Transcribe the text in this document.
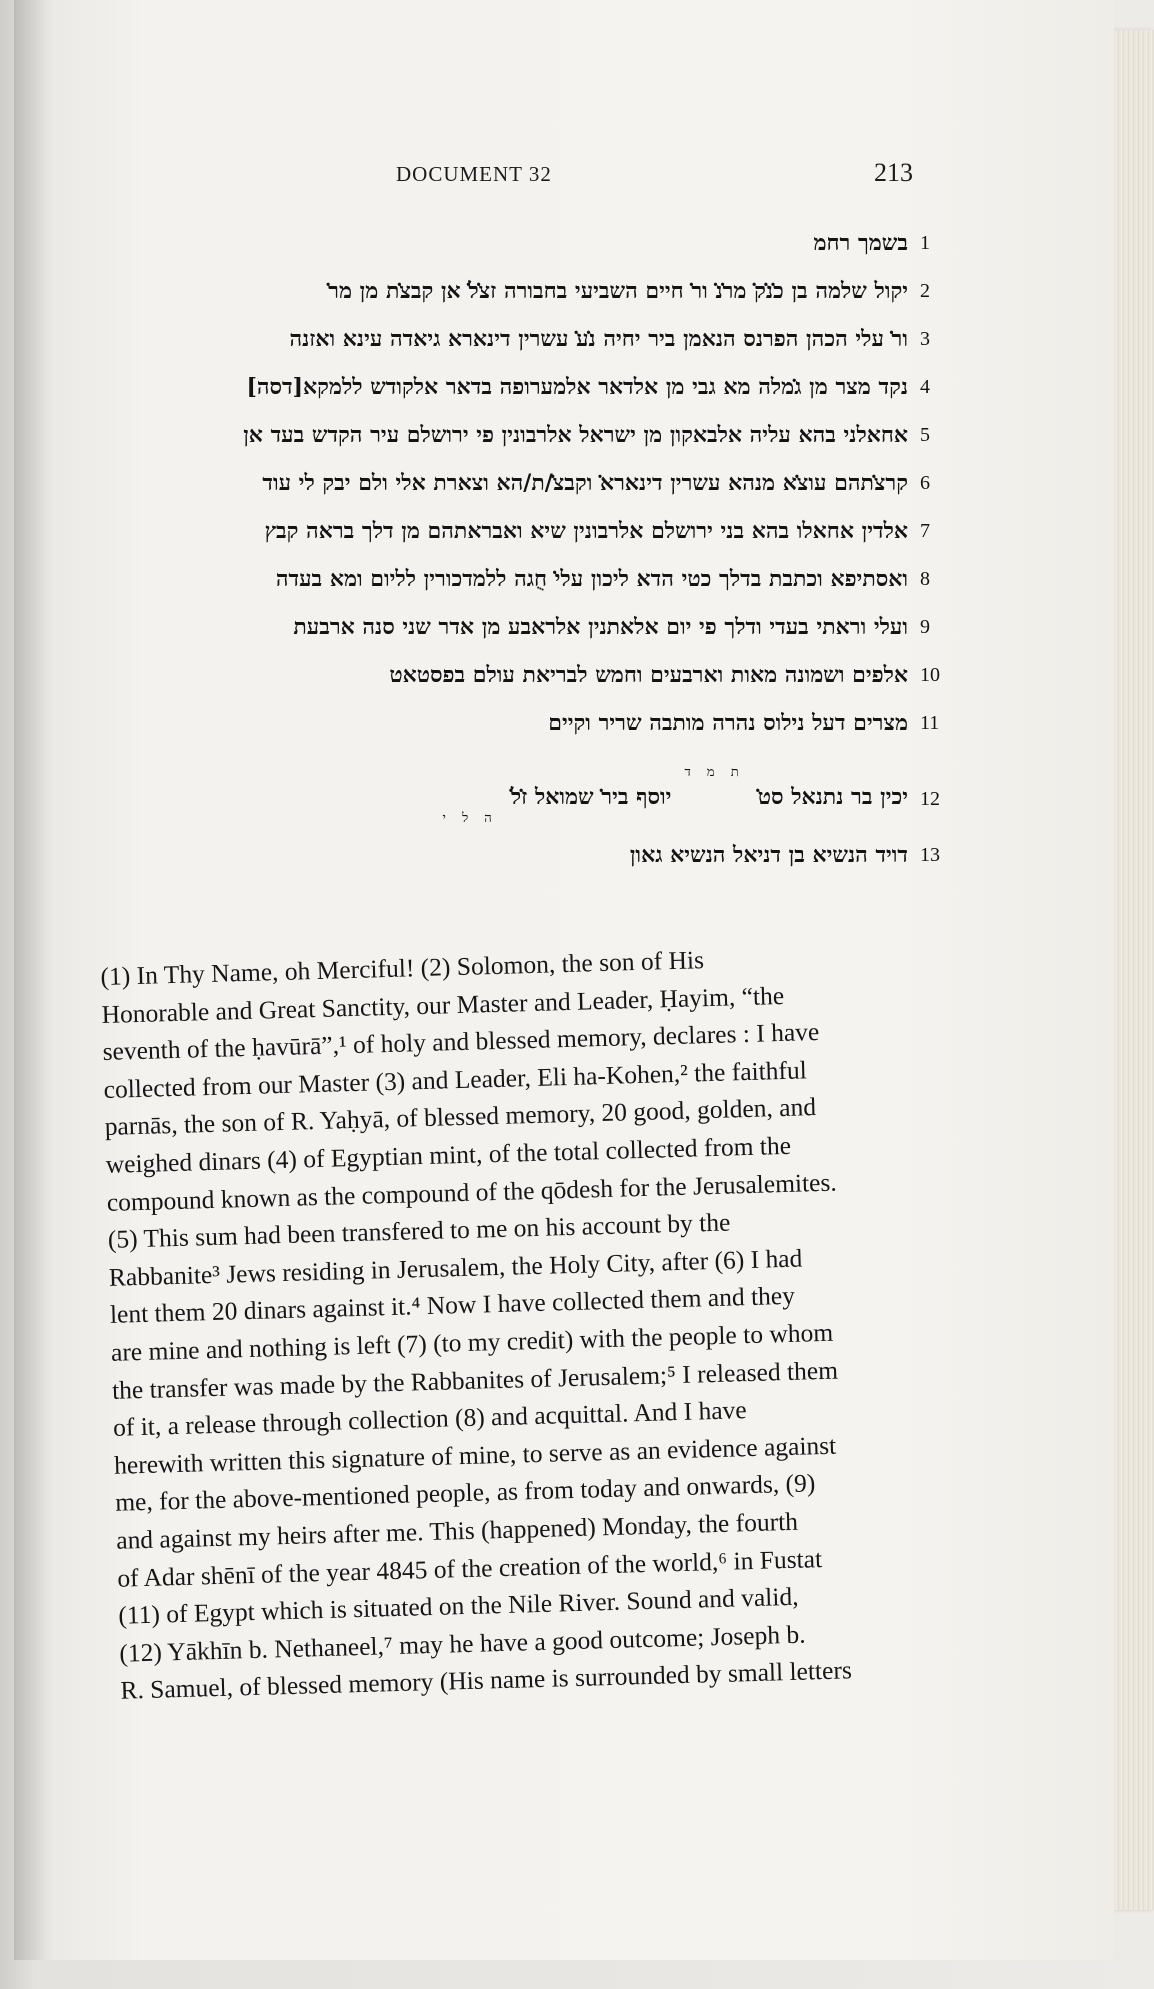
DOCUMENT 32	213
1
בשמך רחמ
2
יקול שלמה בן כ̇נ̇ק̇ מר̇נ̇ ור̇ חיים השביעי בחבורה זצ̇ל̇ אן קבצ̇ת מן מר̇
3
ור̇ עלי הכהן הפרנס הנאמן ביר יחיה נ̇ע̇ עשרין דינארא גיאדה עינא ואזנה
4
נקד מצר מן ג̇מלה מא גבי מן אלדאר אלמערופה בדאר אלקודש ללמקא[דסה]
5
אחאלני בהא עליה אלבאקון מן ישראל אלרבונין פי ירושלם עיר הקדש בעד אן
6
קרצ̇תהם עוצ̇א מנהא עשרין דינארא̇ וקבצ̇/ת/הא וצארת אלי ולם יבק לי עוד
7
אלדין אחאלו בהא בני ירושלם אלרבונין שיא ואבראתהם מן דלך בראה קבץ
8
ואסתיפא וכתבת בדלך כטי הדא ליכון עלי̇ חֻגה ללמדכורין לליום ומא בעדה
9
ועלי וראתי בעדי ודלך פי יום אלאתנין אלראבע מן אדר שני סנה ארבעת
10
אלפים ושמונה מאות וארבעים וחמש לבריאת עולם בפסטאט
11
מצרים דעל נילוס נהרה מותבה שריר וקיים
12
יכין בר נתנאל סט̇ ת מ ד יוסף ביר̇ שמואל ז̇ל̇ ה ל י
13
דויד הנשיא בן דניאל הנשיא גאון

(1) In Thy Name, oh Merciful! (2) Solomon, the son of His
Honorable and Great Sanctity, our Master and Leader, Ḥayim, “the
seventh of the ḥavūrā”,¹ of holy and blessed memory, declares : I have
collected from our Master (3) and Leader, Eli ha-Kohen,² the faithful
parnās, the son of R. Yaḥyā, of blessed memory, 20 good, golden, and
weighed dinars (4) of Egyptian mint, of the total collected from the
compound known as the compound of the qōdesh for the Jerusalemites.
(5) This sum had been transfered to me on his account by the
Rabbanite³ Jews residing in Jerusalem, the Holy City, after (6) I had
lent them 20 dinars against it.⁴ Now I have collected them and they
are mine and nothing is left (7) (to my credit) with the people to whom
the transfer was made by the Rabbanites of Jerusalem;⁵ I released them
of it, a release through collection (8) and acquittal. And I have
herewith written this signature of mine, to serve as an evidence against
me, for the above-mentioned people, as from today and onwards, (9)
and against my heirs after me. This (happened) Monday, the fourth
of Adar shēnī of the year 4845 of the creation of the world,⁶ in Fustat
(11) of Egypt which is situated on the Nile River. Sound and valid,
(12) Yākhīn b. Nethaneel,⁷ may he have a good outcome; Joseph b.
R. Samuel, of blessed memory (His name is surrounded by small letters
